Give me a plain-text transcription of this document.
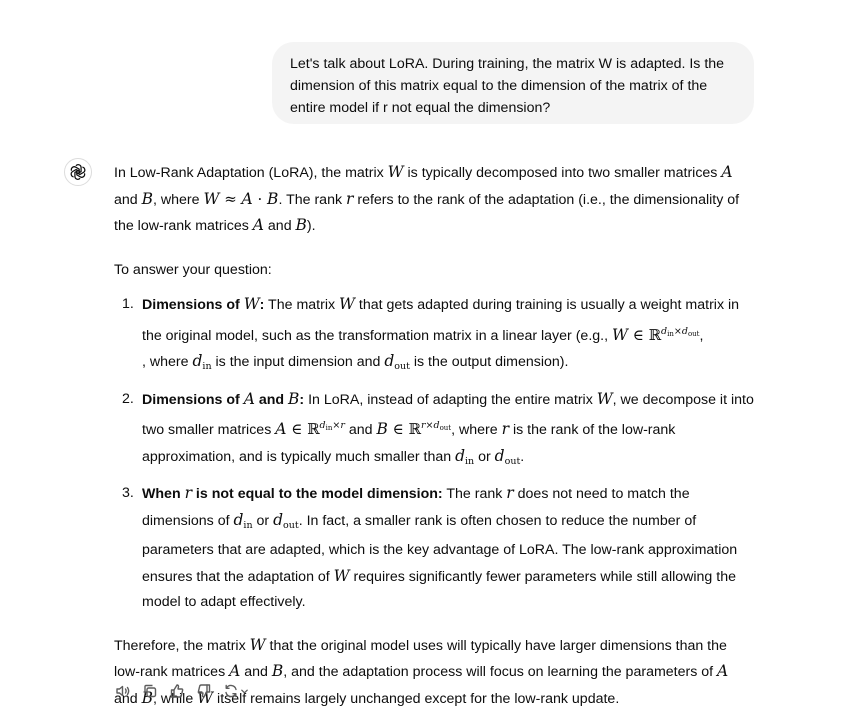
Let's talk about LoRA. During training, the matrix W is adapted. Is the dimension of this matrix equal to the dimension of the matrix of the entire model if r not equal the dimension?

In Low-Rank Adaptation (LoRA), the matrix W is typically decomposed into two smaller matrices A
and B, where W ≈ A · B. The rank r refers to the rank of the adaptation (i.e., the dimensionality of the low-rank matrices A and B).

To answer your question:

1. Dimensions of W: The matrix W that gets adapted during training is usually a weight matrix in the original model, such as the transformation matrix in a linear layer (e.g., W ∈ ℝ$^{din\times dout}$,
, where $d_{in}$ is the input dimension and $d_{out}$ is the output dimension).
2. Dimensions of A and B: In LoRA, instead of adapting the entire matrix W, we decompose it into two smaller matrices A ∈ ℝ$^{din\times r}$ and B ∈ ℝ$^{r\times dout}$, where r is the rank of the low-rank approximation, and is typically much smaller than $d_{in}$ or $d_{out}$.
3. When r is not equal to the model dimension: The rank r does not need to match the dimensions of $d_{in}$ or $d_{out}$. In fact, a smaller rank is often chosen to reduce the number of parameters that are adapted, which is the key advantage of LoRA. The low-rank approximation ensures that the adaptation of W requires significantly fewer parameters while still allowing the model to adapt effectively.

Therefore, the matrix W that the original model uses will typically have larger dimensions than the low-rank matrices A and B, and the adaptation process will focus on learning the parameters of A
and B, while W itself remains largely unchanged except for the low-rank update.
